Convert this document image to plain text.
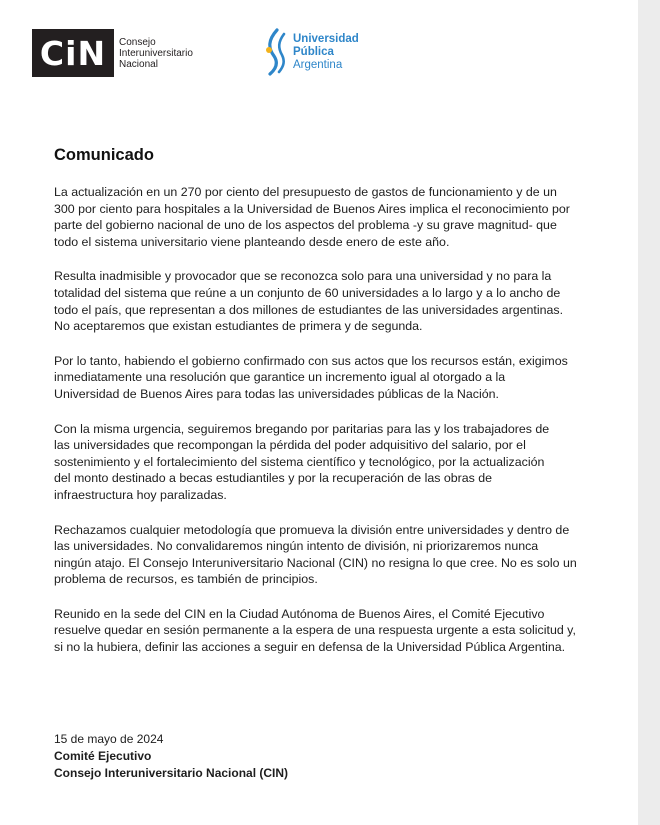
CiN	Consejo
Interuniversitario
Nacional
Universidad
Pública
Argentina
Comunicado

La actualización en un 270 por ciento del presupuesto de gastos de funcionamiento y de un
300 por ciento para hospitales a la Universidad de Buenos Aires implica el reconocimiento por
parte del gobierno nacional de uno de los aspectos del problema -y su grave magnitud- que
todo el sistema universitario viene planteando desde enero de este año.

Resulta inadmisible y provocador que se reconozca solo para una universidad y no para la
totalidad del sistema que reúne a un conjunto de 60 universidades a lo largo y a lo ancho de
todo el país, que representan a dos millones de estudiantes de las universidades argentinas.
No aceptaremos que existan estudiantes de primera y de segunda.

Por lo tanto, habiendo el gobierno confirmado con sus actos que los recursos están, exigimos
inmediatamente una resolución que garantice un incremento igual al otorgado a la
Universidad de Buenos Aires para todas las universidades públicas de la Nación.

Con la misma urgencia, seguiremos bregando por paritarias para las y los trabajadores de
las universidades que recompongan la pérdida del poder adquisitivo del salario, por el
sostenimiento y el fortalecimiento del sistema científico y tecnológico, por la actualización
del monto destinado a becas estudiantiles y por la recuperación de las obras de
infraestructura hoy paralizadas.

Rechazamos cualquier metodología que promueva la división entre universidades y dentro de
las universidades. No convalidaremos ningún intento de división, ni priorizaremos nunca
ningún atajo. El Consejo Interuniversitario Nacional (CIN) no resigna lo que cree. No es solo un
problema de recursos, es también de principios.

Reunido en la sede del CIN en la Ciudad Autónoma de Buenos Aires, el Comité Ejecutivo
resuelve quedar en sesión permanente a la espera de una respuesta urgente a esta solicitud y,
si no la hubiera, definir las acciones a seguir en defensa de la Universidad Pública Argentina.

15 de mayo de 2024
Comité Ejecutivo
Consejo Interuniversitario Nacional (CIN)
